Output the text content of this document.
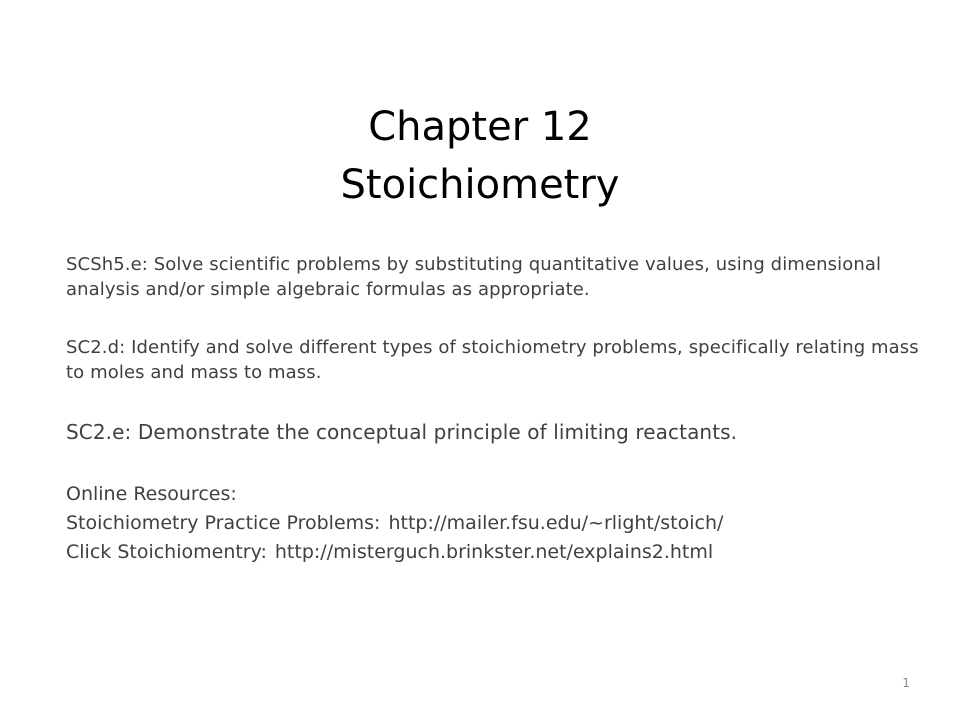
Chapter 12
Stoichiometry

SCSh5.e: Solve scientific problems by substituting quantitative values, using dimensional analysis and/or simple algebraic formulas as appropriate.

SC2.d: Identify and solve different types of stoichiometry problems, specifically relating mass to moles and mass to mass.

SC2.e: Demonstrate the conceptual principle of limiting reactants.

Online Resources:
Stoichiometry Practice Problems: http://mailer.fsu.edu/~rlight/stoich/
Click Stoichiomentry: http://misterguch.brinkster.net/explains2.html
1
